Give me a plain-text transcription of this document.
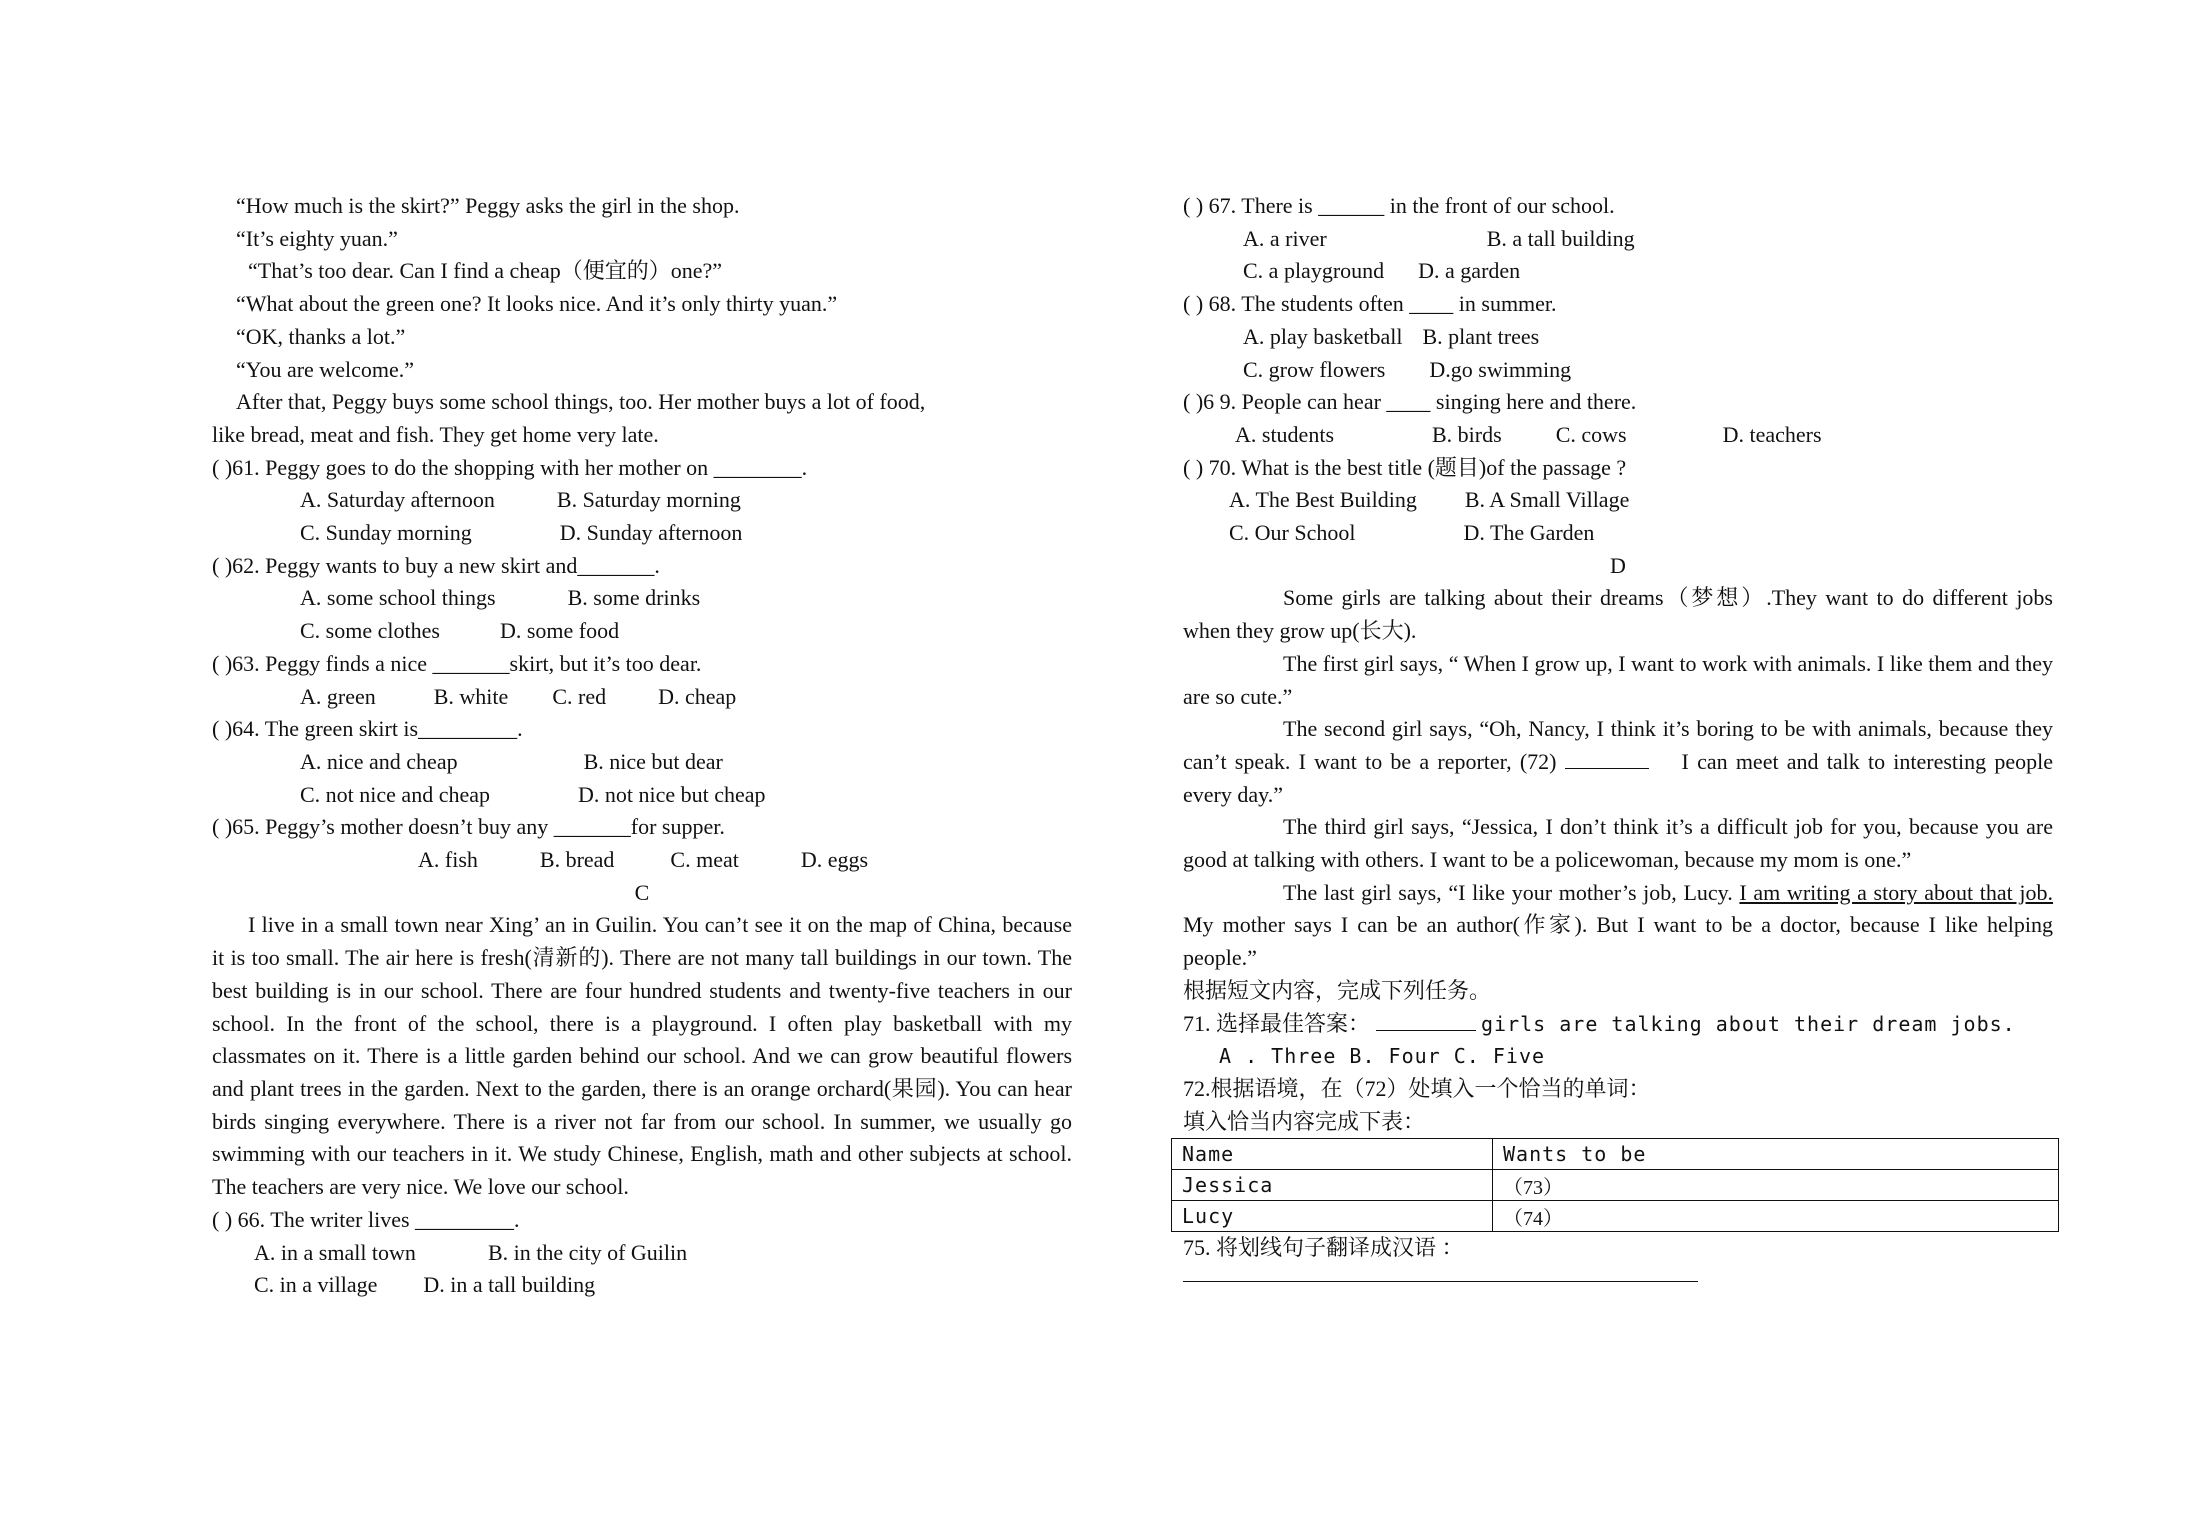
“How much is the skirt?” Peggy asks the girl in the shop.
“It’s eighty yuan.”
“That’s too dear. Can I find a cheap（便宜的）one?”
“What about the green one? It looks nice. And it’s only thirty yuan.”
“OK, thanks a lot.”
“You are welcome.”
After that, Peggy buys some school things, too. Her mother buys a lot of food,
like bread, meat and fish. They get home very late.
( )61. Peggy goes to do the shopping with her mother on ________.
A. Saturday afternoon	B. Saturday morning
C. Sunday morning	D. Sunday afternoon
( )62. Peggy wants to buy a new skirt and_______.
A. some school things	B. some drinks
C. some clothes	D. some food
( )63. Peggy finds a nice _______skirt, but it’s too dear.
A. green	B. white C. red D. cheap
( )64. The green skirt is_________.
A. nice and cheap	B. nice but dear
C. not nice and cheap	D. not nice but cheap
( )65. Peggy’s mother doesn’t buy any _______for supper.
A. fish	B. bread	C. meat	D. eggs
C
I live in a small town near Xing’ an in Guilin. You can’t see it on the map of China, because it is too small. The air here is fresh(清新的). There are not many tall buildings in our town. The best building is in our school. There are four hundred students and twenty-five teachers in our school. In the front of the school, there is a playground. I often play basketball with my classmates on it. There is a little garden behind our school. And we can grow beautiful flowers and plant trees in the garden. Next to the garden, there is an orange orchard(果园). You can hear birds singing everywhere. There is a river not far from our school. In summer, we usually go swimming with our teachers in it. We study Chinese, English, math and other subjects at school. The teachers are very nice. We love our school.
( ) 66. The writer lives _________.
A. in a small town	B. in the city of Guilin
C. in a village D. in a tall building
( ) 67. There is ______ in the front of our school.
A. a river	B. a tall building
C. a playground D. a garden
( ) 68. The students often ____ in summer.
A. play basketball B. plant trees
C. grow flowers D.go swimming
( )6 9. People can hear ____ singing here and there.
A. students	B. birds C. cows	D. teachers
( ) 70. What is the best title (题目)of the passage ?
A. The Best Building B. A Small Village
C. Our School	D. The Garden
D
Some girls are talking about their dreams（梦想）.They want to do different jobs when they grow up(长大).
The first girl says, “ When I grow up, I want to work with animals. I like them and they are so cute.”
The second girl says, “Oh, Nancy, I think it’s boring to be with animals, because they can’t speak. I want to be a reporter, (72)	I can meet and talk to interesting people every day.”
The third girl says, “Jessica, I don’t think it’s a difficult job for you, because you are good at talking with others. I want to be a policewoman, because my mom is one.”
The last girl says, “I like your mother’s job, Lucy. I am writing a story about that job. My mother says I can be an author(作家). But I want to be a doctor, because I like helping people.”
根据短文内容，完成下列任务。
71. 选择最佳答案：	girls are talking about their dream jobs.
A . Three B. Four C. Five
72.根据语境，在（72）处填入一个恰当的单词：
填入恰当内容完成下表：
Name	Wants to be
Jessica	（73）
Lucy	（74）
75. 将划线句子翻译成汉语 ：
